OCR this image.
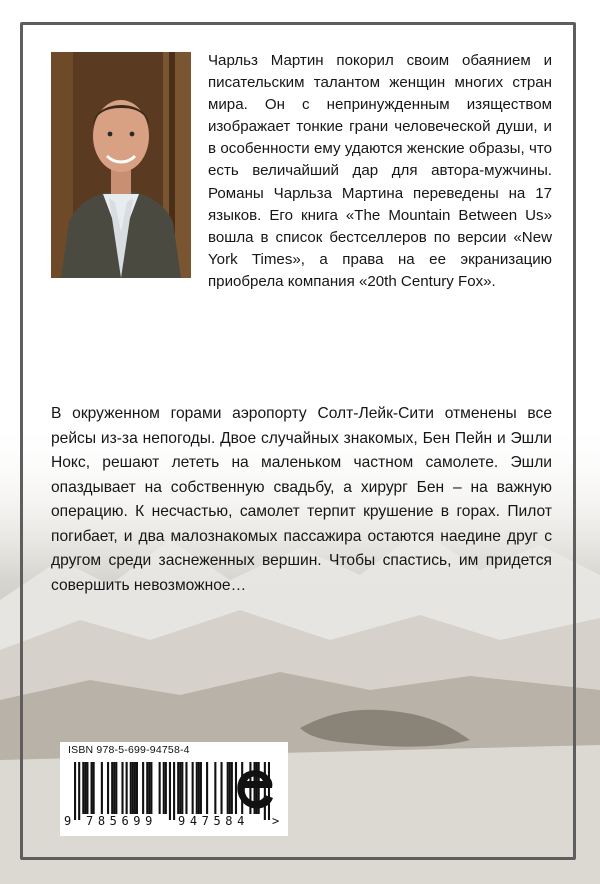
Чарльз Мартин покорил своим обаянием и писательским талантом женщин многих стран мира. Он с непринужденным изяществом изображает тонкие грани человеческой души, и в особенности ему удаются женские образы, что есть величайший дар для автора-мужчины. Романы Чарльза Мартина переведены на 17 языков. Его книга «The Mountain Between Us» вошла в список бестселлеров по версии «New York Times», а права на ее экранизацию приобрела компания «20th Century Fox».

В окруженном горами аэропорту Солт-Лейк-Сити отменены все рейсы из-за непогоды. Двое случайных знакомых, Бен Пейн и Эшли Нокс, решают лететь на маленьком частном самолете. Эшли опаздывает на собственную свадьбу, а хирург Бен – на важную операцию. К несчастью, самолет терпит крушение в горах. Пилот погибает, и два малознакомых пассажира остаются наедине друг с другом среди заснеженных вершин. Чтобы спастись, им придется совершить невозможное…

ISBN 978-5-699-94758-4
9 785699 947584 >
